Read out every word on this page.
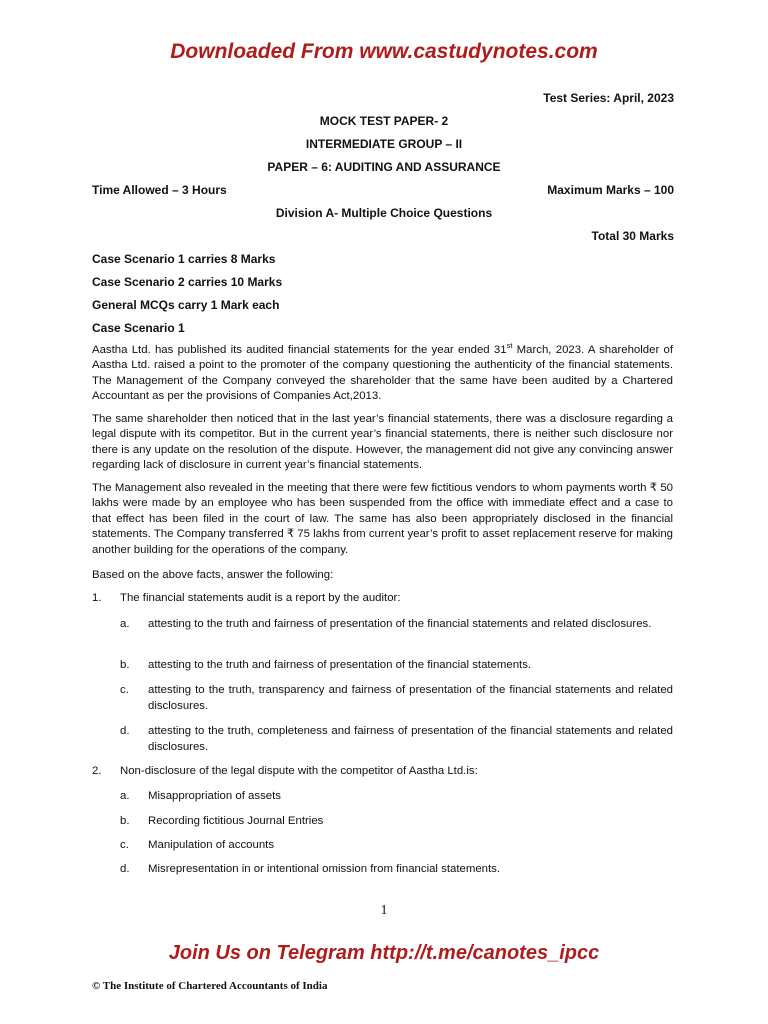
Downloaded From www.castudynotes.com
Test Series: April, 2023
MOCK TEST PAPER- 2
INTERMEDIATE GROUP – II
PAPER – 6: AUDITING AND ASSURANCE
Time Allowed – 3 Hours	Maximum Marks – 100
Division A- Multiple Choice Questions
Total 30 Marks
Case Scenario 1 carries 8 Marks
Case Scenario 2 carries 10 Marks
General MCQs carry 1 Mark each
Case Scenario 1
Aastha Ltd. has published its audited financial statements for the year ended 31st March, 2023. A shareholder of Aastha Ltd. raised a point to the promoter of the company questioning the authenticity of the financial statements. The Management of the Company conveyed the shareholder that the same have been audited by a Chartered Accountant as per the provisions of Companies Act,2013.
The same shareholder then noticed that in the last year’s financial statements, there was a disclosure regarding a legal dispute with its competitor. But in the current year’s financial statements, there is neither such disclosure nor there is any update on the resolution of the dispute. However, the management did not give any convincing answer regarding lack of disclosure in current year’s financial statements.
The Management also revealed in the meeting that there were few fictitious vendors to whom payments worth ₹ 50 lakhs were made by an employee who has been suspended from the office with immediate effect and a case to that effect has been filed in the court of law. The same has also been appropriately disclosed in the financial statements. The Company transferred ₹ 75 lakhs from current year’s profit to asset replacement reserve for making another building for the operations of the company.
Based on the above facts, answer the following:
1. The financial statements audit is a report by the auditor:
a. attesting to the truth and fairness of presentation of the financial statements and related disclosures.
b. attesting to the truth and fairness of presentation of the financial statements.
c. attesting to the truth, transparency and fairness of presentation of the financial statements and related disclosures.
d. attesting to the truth, completeness and fairness of presentation of the financial statements and related disclosures.
2. Non-disclosure of the legal dispute with the competitor of Aastha Ltd.is:
a. Misappropriation of assets
b. Recording fictitious Journal Entries
c. Manipulation of accounts
d. Misrepresentation in or intentional omission from financial statements.
1
Join Us on Telegram http://t.me/canotes_ipcc
© The Institute of Chartered Accountants of India
